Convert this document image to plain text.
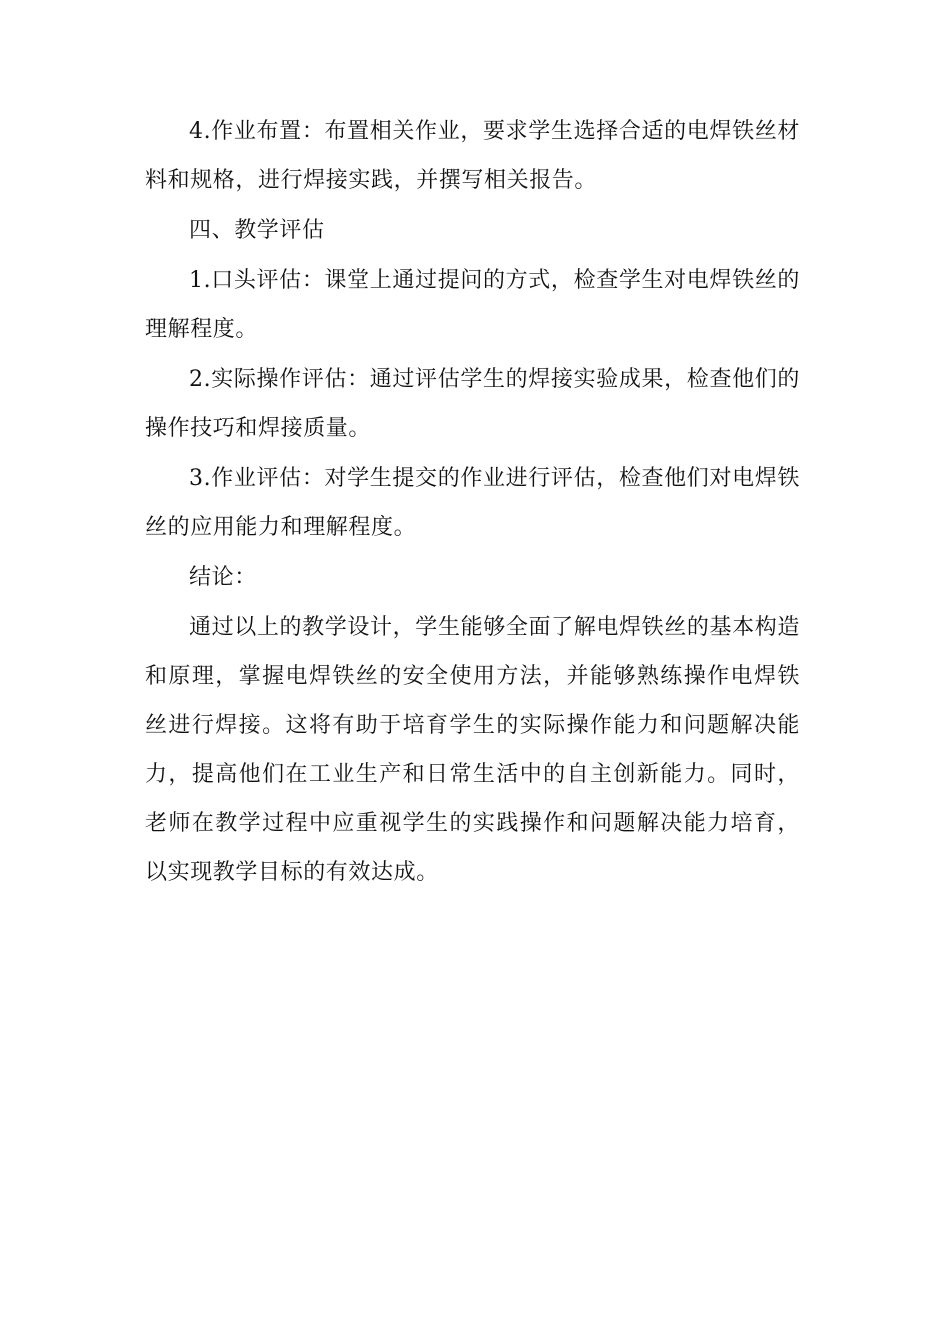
4.作业布置：布置相关作业，要求学生选择合适的电焊铁丝材料和规格，进行焊接实践，并撰写相关报告。

四、教学评估

1.口头评估：课堂上通过提问的方式，检查学生对电焊铁丝的理解程度。

2.实际操作评估：通过评估学生的焊接实验成果，检查他们的操作技巧和焊接质量。

3.作业评估：对学生提交的作业进行评估，检查他们对电焊铁丝的应用能力和理解程度。

结论：

通过以上的教学设计，学生能够全面了解电焊铁丝的基本构造和原理，掌握电焊铁丝的安全使用方法，并能够熟练操作电焊铁丝进行焊接。这将有助于培育学生的实际操作能力和问题解决能力，提高他们在工业生产和日常生活中的自主创新能力。同时，老师在教学过程中应重视学生的实践操作和问题解决能力培育，以实现教学目标的有效达成。
